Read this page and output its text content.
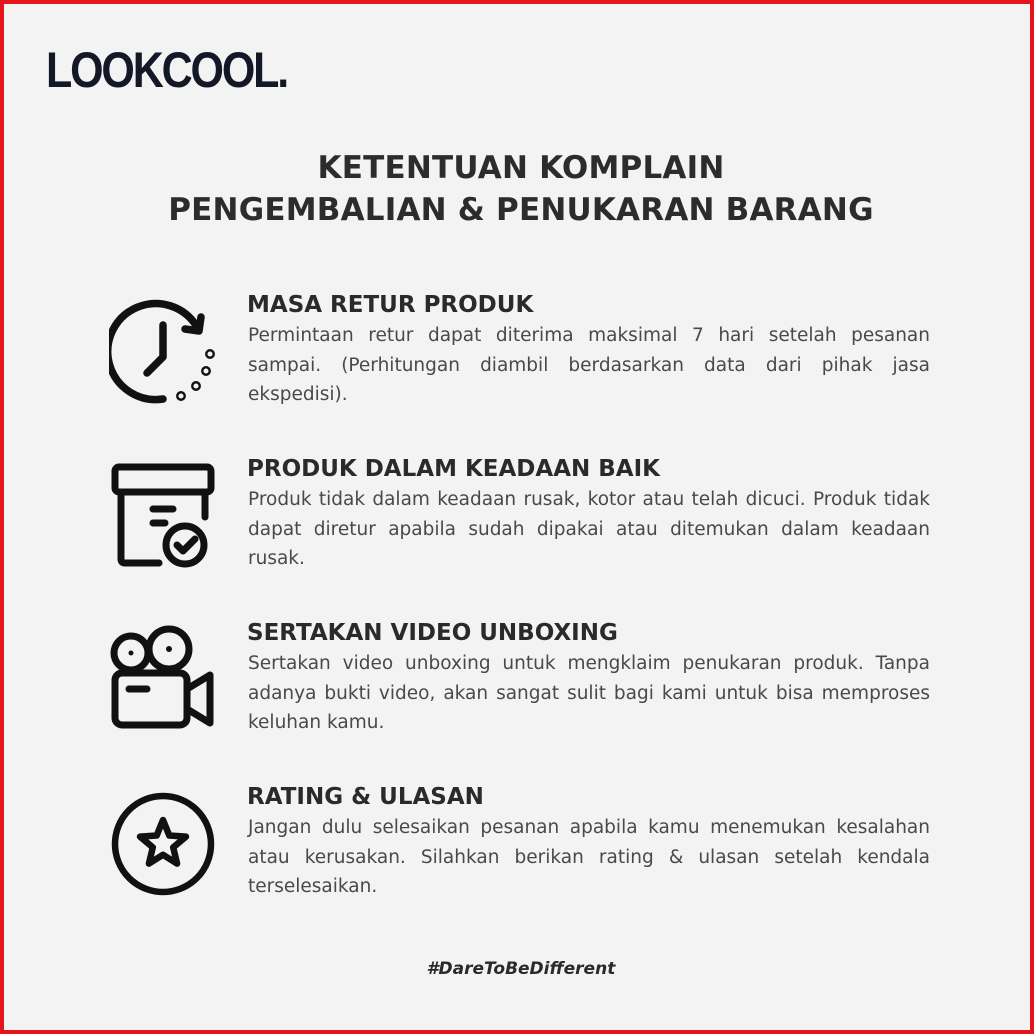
LOOKCOOL.
KETENTUAN KOMPLAIN
PENGEMBALIAN & PENUKARAN BARANG
MASA RETUR PRODUK
Permintaan retur dapat diterima maksimal 7 hari setelah pesanan sampai. (Perhitungan diambil berdasarkan data dari pihak jasa ekspedisi).
PRODUK DALAM KEADAAN BAIK
Produk tidak dalam keadaan rusak, kotor atau telah dicuci. Produk tidak dapat diretur apabila sudah dipakai atau ditemukan dalam keadaan rusak.
SERTAKAN VIDEO UNBOXING
Sertakan video unboxing untuk mengklaim penukaran produk. Tanpa adanya bukti video, akan sangat sulit bagi kami untuk bisa memproses keluhan kamu.
RATING & ULASAN
Jangan dulu selesaikan pesanan apabila kamu menemukan kesalahan atau kerusakan. Silahkan berikan rating & ulasan setelah kendala terselesaikan.
#DareToBeDifferent
